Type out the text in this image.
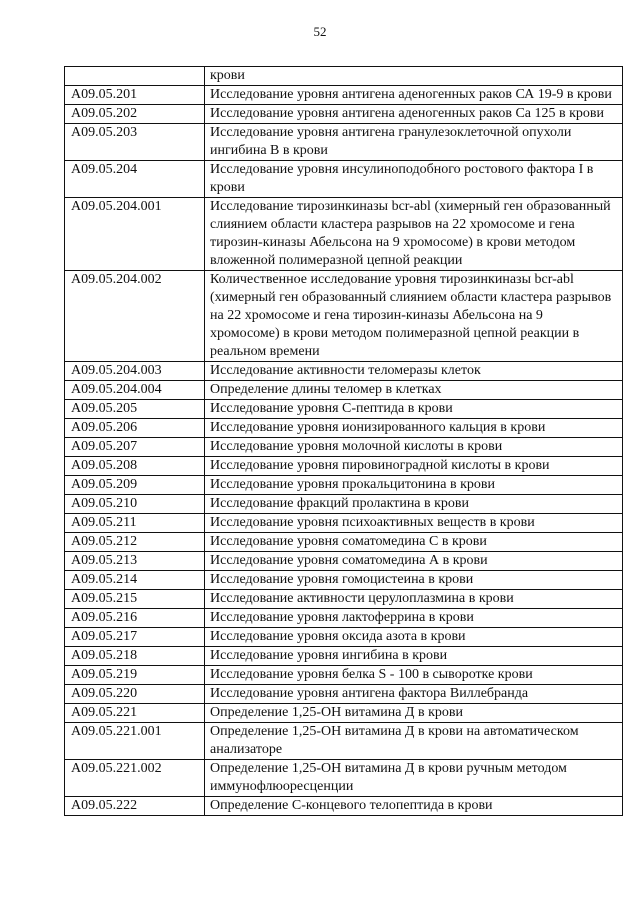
52
	крови
A09.05.201	Исследование уровня антигена аденогенных раков СА 19-9 в крови
A09.05.202	Исследование уровня антигена аденогенных раков Са 125 в крови
A09.05.203	Исследование уровня антигена гранулезоклеточной опухоли ингибина В в крови
A09.05.204	Исследование уровня инсулиноподобного ростового фактора I в крови
A09.05.204.001	Исследование тирозинкиназы bcr-abl (химерный ген образованный слиянием области кластера разрывов на 22 хромосоме и гена тирозин-киназы Абельсона на 9 хромосоме) в крови методом вложенной полимеразной цепной реакции
A09.05.204.002	Количественное исследование уровня тирозинкиназы bcr-abl (химерный ген образованный слиянием области кластера разрывов на 22 хромосоме и гена тирозин-киназы Абельсона на 9 хромосоме) в крови методом полимеразной цепной реакции в реальном времени
A09.05.204.003	Исследование активности теломеразы клеток
A09.05.204.004	Определение длины теломер в клетках
A09.05.205	Исследование уровня С-пептида в крови
A09.05.206	Исследование уровня ионизированного кальция в крови
A09.05.207	Исследование уровня молочной кислоты в крови
A09.05.208	Исследование уровня пировиноградной кислоты в крови
A09.05.209	Исследование уровня прокальцитонина в крови
A09.05.210	Исследование фракций пролактина в крови
A09.05.211	Исследование уровня психоактивных веществ в крови
A09.05.212	Исследование уровня соматомедина С в крови
A09.05.213	Исследование уровня соматомедина А в крови
A09.05.214	Исследование уровня гомоцистеина в крови
A09.05.215	Исследование активности церулоплазмина в крови
A09.05.216	Исследование уровня лактоферрина в крови
A09.05.217	Исследование уровня оксида азота в крови
A09.05.218	Исследование уровня ингибина в крови
A09.05.219	Исследование уровня белка S - 100 в сыворотке крови
A09.05.220	Исследование уровня антигена фактора Виллебранда
A09.05.221	Определение 1,25-OH витамина Д в крови
A09.05.221.001	Определение 1,25-OH витамина Д в крови на автоматическом анализаторе
A09.05.221.002	Определение 1,25-OH витамина Д в крови ручным методом иммунофлюоресценции
A09.05.222	Определение С-концевого телопептида в крови
